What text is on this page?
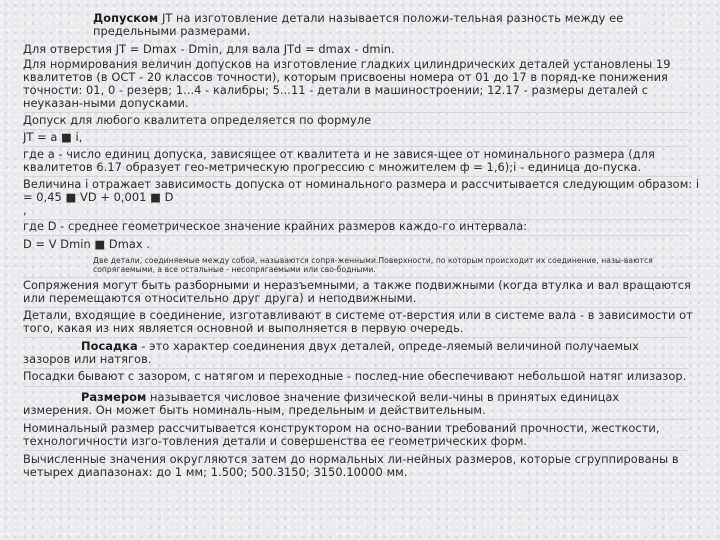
Допуском JT на изготовление детали называется положи-тельная разность между ее
предельными размерами.
Для отверстия JT = Dmax - Dmin, для вала JTd = dmax - dmin.
Для нормирования величин допусков на изготовление гладких цилиндрических деталей установлены 19
квалитетов (в ОСТ - 20 классов точности), которым присвоены номера от 01 до 17 в поряд-ке понижения
точности: 01, 0 - резерв; 1...4 - калибры; 5...11 - детали в машиностроении; 12.17 - размеры деталей с
неуказан-ными допусками.
Допуск для любого квалитета определяется по формуле
JT = a ■ i,
где a - число единиц допуска, зависящее от квалитета и не завися-щее от номинального размера (для
квалитетов 6.17 образует гео-метрическую прогрессию с множителем ф = 1,6);i - единица до-пуска.
Величина i отражает зависимость допуска от номинального размера и рассчитывается следующим образом: i
= 0,45 ■ VD + 0,001 ■ D
,
где D - среднее геометрическое значение крайних размеров каждо-го интервала:
D = V Dmin ■ Dmax .
Две детали, соединяемые между собой, называются сопря-женными.Поверхности, по которым происходит их соединение, назы-ваются
сопрягаемыми, а все остальные - несопрягаемыми или сво-бодными.
Сопряжения могут быть разборными и неразъемными, а также подвижными (когда втулка и вал вращаются
или перемещаются относительно друг друга) и неподвижными.
Детали, входящие в соединение, изготавливают в системе от-верстия или в системе вала - в зависимости от
того, какая из них является основной и выполняется в первую очередь.
Посадка - это характер соединения двух деталей, опреде-ляемый величиной получаемых
зазоров или натягов.
Посадки бывают с зазором, с натягом и переходные - послед-ние обеспечивают небольшой натяг илизазор.
Размером называется числовое значение физической вели-чины в принятых единицах
измерения. Он может быть номиналь-ным, предельным и действительным.
Номинальный размер рассчитывается конструктором на осно-вании требований прочности, жесткости,
технологичности изго-товления детали и совершенства ее геометрических форм.
Вычисленные значения округляются затем до нормальных ли-нейных размеров, которые сгруппированы в
четырех диапазонах: до 1 мм; 1.500; 500.3150; 3150.10000 мм.
